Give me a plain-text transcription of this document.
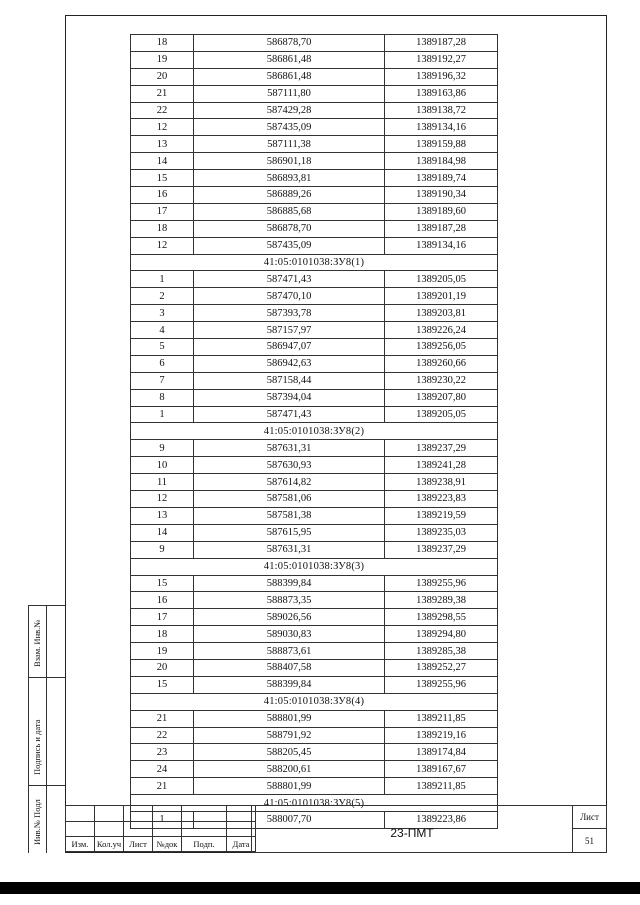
18	586878,70	1389187,28
19	586861,48	1389192,27
20	586861,48	1389196,32
21	587111,80	1389163,86
22	587429,28	1389138,72
12	587435,09	1389134,16
13	587111,38	1389159,88
14	586901,18	1389184,98
15	586893,81	1389189,74
16	586889,26	1389190,34
17	586885,68	1389189,60
18	586878,70	1389187,28
12	587435,09	1389134,16
41:05:0101038:ЗУ8(1)		
1	587471,43	1389205,05
2	587470,10	1389201,19
3	587393,78	1389203,81
4	587157,97	1389226,24
5	586947,07	1389256,05
6	586942,63	1389260,66
7	587158,44	1389230,22
8	587394,04	1389207,80
1	587471,43	1389205,05
41:05:0101038:ЗУ8(2)		
9	587631,31	1389237,29
10	587630,93	1389241,28
11	587614,82	1389238,91
12	587581,06	1389223,83
13	587581,38	1389219,59
14	587615,95	1389235,03
9	587631,31	1389237,29
41:05:0101038:ЗУ8(3)		
15	588399,84	1389255,96
16	588873,35	1389289,38
17	589026,56	1389298,55
18	589030,83	1389294,80
19	588873,61	1389285,38
20	588407,58	1389252,27
15	588399,84	1389255,96
41:05:0101038:ЗУ8(4)		
21	588801,99	1389211,85
22	588791,92	1389219,16
23	588205,45	1389174,84
24	588200,61	1389167,67
21	588801,99	1389211,85
41:05:0101038:ЗУ8(5)		
1	588007,70	1389223,86
Взам. Инв.№
Подпись и дата
Инв.№ Подл

						Изм.	Кол.уч	Лист	№док	Подп.	Дата
23-ПМТ
Лист
51
